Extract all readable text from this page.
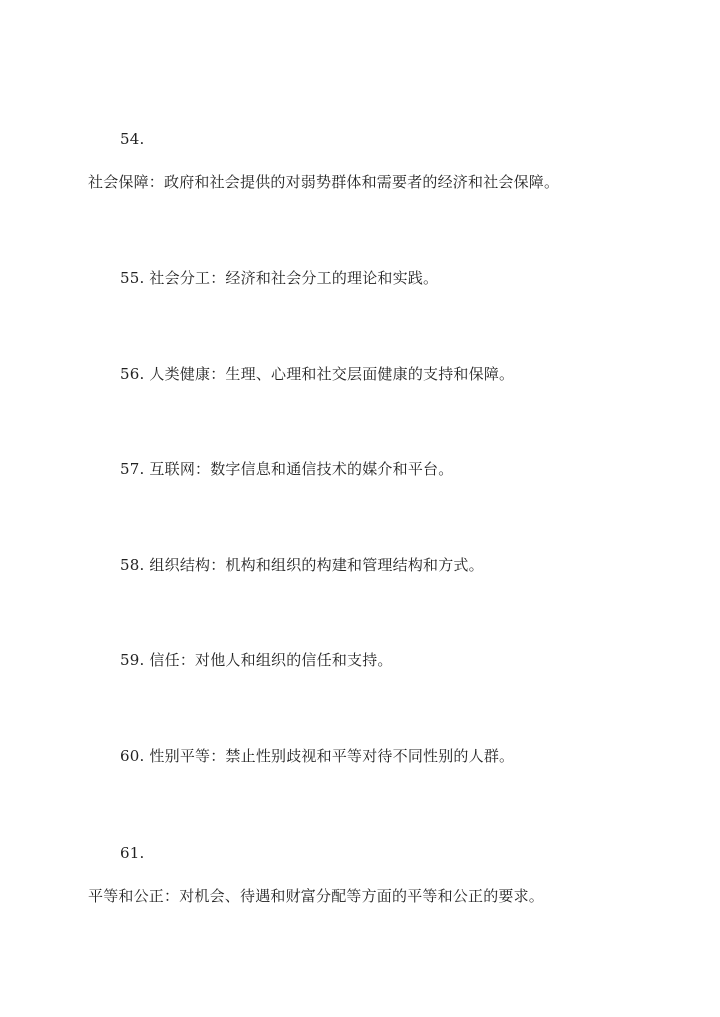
54.
社会保障：政府和社会提供的对弱势群体和需要者的经济和社会保障。
55. 社会分工：经济和社会分工的理论和实践。
56. 人类健康：生理、心理和社交层面健康的支持和保障。
57. 互联网：数字信息和通信技术的媒介和平台。
58. 组织结构：机构和组织的构建和管理结构和方式。
59. 信任：对他人和组织的信任和支持。
60. 性别平等：禁止性别歧视和平等对待不同性别的人群。
61.
平等和公正：对机会、待遇和财富分配等方面的平等和公正的要求。
